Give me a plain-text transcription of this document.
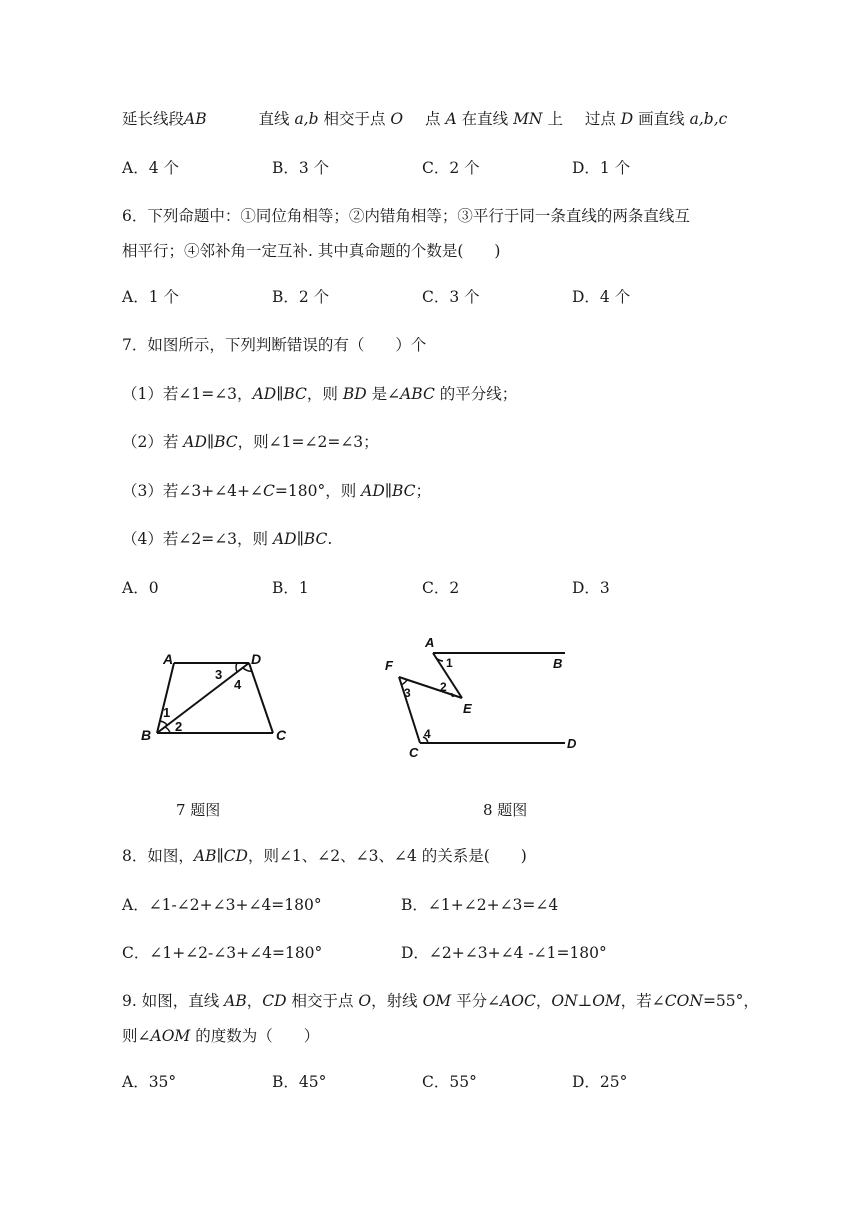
延长线段AB	直线 a,b 相交于点 O 点 A 在直线 MN 上 过点 D 画直线 a,b,c
A．4 个	B．3 个	C．2 个	D．1 个
6．下列命题中：①同位角相等；②内错角相等；③平行于同一条直线的两条直线互
相平行；④邻补角一定互补. 其中真命题的个数是(　　)
A．1 个	B．2 个	C．3 个	D．4 个
7．如图所示，下列判断错误的有（　　）个
（1）若∠1=∠3，AD∥BC，则 BD 是∠ABC 的平分线；
（2）若 AD∥BC，则∠1=∠2=∠3；
（3）若∠3+∠4+∠C=180°，则 AD∥BC；
（4）若∠2=∠3，则 AD∥BC.
A．0	B．1	C．2	D．3
A	D
B	C
1
2
3
4
7 题图
A
B
F
E
C
D
1
2
3
4
8 题图
8．如图，AB∥CD，则∠1、∠2、∠3、∠4 的关系是(　　)
A．∠1-∠2+∠3+∠4=180°	B．∠1+∠2+∠3=∠4
C．∠1+∠2-∠3+∠4=180°	D．∠2+∠3+∠4 -∠1=180°
9. 如图，直线 AB，CD 相交于点 O，射线 OM 平分∠AOC，ON⊥OM，若∠CON=55°，
则∠AOM 的度数为（　　）
A．35°	B．45°	C．55°	D．25°
